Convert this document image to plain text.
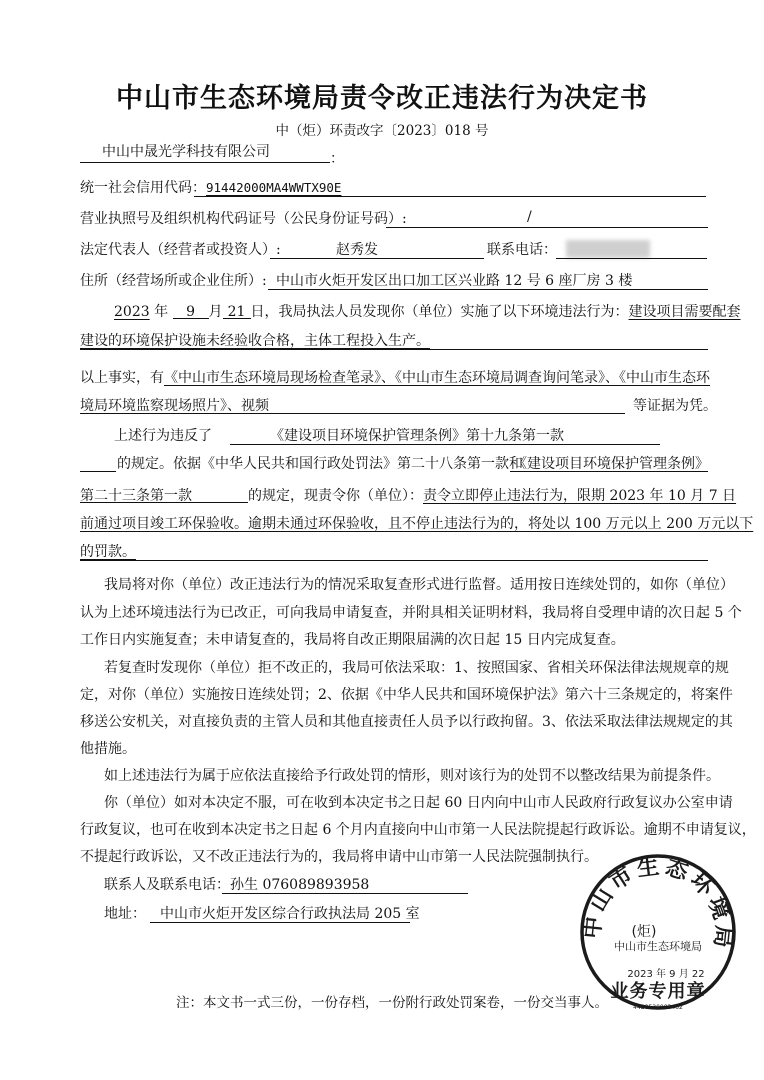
中山市生态环境局责令改正违法行为决定书
中（炬）环责改字〔2023〕018 号
中山中晟光学科技有限公司	：
统一社会信用代码：91442000MA4WWTX90E
营业执照号及组织机构代码证号（公民身份证号码）:	/
法定代表人（经营者或投资人）:	赵秀发	联系电话：
住所（经营场所或企业住所）: 中山市火炬开发区出口加工区兴业路 12 号 6 座厂房 3 楼
2023 年 9 月 21 日，我局执法人员发现你（单位）实施了以下环境违法行为：建设项目需要配套
建设的环境保护设施未经验收合格，主体工程投入生产。
以上事实，有《中山市生态环境局现场检查笔录》、《中山市生态环境局调查询问笔录》、《中山市生态环
境局环境监察现场照片》、视频	等证据为凭。
上述行为违反了	《建设项目环境保护管理条例》第十九条第一款
的规定。依据《中华人民共和国行政处罚法》第二十八条第一款和
《建设项目环境保护管理条例》
第二十三条第一款	的规定，现责令你（单位）：责令立即停止违法行为，限期 2023 年 10 月 7 日
前通过项目竣工环保验收。逾期未通过环保验收，且不停止违法行为的，将处以 100 万元以上 200 万元以下
的罚款。
我局将对你（单位）改正违法行为的情况采取复查形式进行监督。适用按日连续处罚的，如你（单位）
认为上述环境违法行为已改正，可向我局申请复查，并附具相关证明材料，我局将自受理申请的次日起 5 个
工作日内实施复查；未申请复查的，我局将自改正期限届满的次日起 15 日内完成复查。
若复查时发现你（单位）拒不改正的，我局可依法采取：1、按照国家、省相关环保法律法规规章的规
定，对你（单位）实施按日连续处罚；2、依据《中华人民共和国环境保护法》第六十三条规定的，将案件
移送公安机关，对直接负责的主管人员和其他直接责任人员予以行政拘留。3、依法采取法律法规规定的其
他措施。
如上述违法行为属于应依法直接给予行政处罚的情形，则对该行为的处罚不以整改结果为前提条件。
你（单位）如对本决定不服，可在收到本决定书之日起 60 日内向中山市人民政府行政复议办公室申请
行政复议，也可在收到本决定书之日起 6 个月内直接向中山市第一人民法院提起行政诉讼。逾期不申请复议，
不提起行政诉讼，又不改正违法行为的，我局将申请中山市第一人民法院强制执行。
联系人及联系电话： 孙生 076089893958
地址： 中山市火炬开发区综合行政执法局 205 室
注：本文书一式三份，一份存档，一份附行政处罚案卷，一份交当事人。
中山市生态环境局
中山市生态环境局
(炬)
2023 年 9 月 22
业务专用章
4420530003462
